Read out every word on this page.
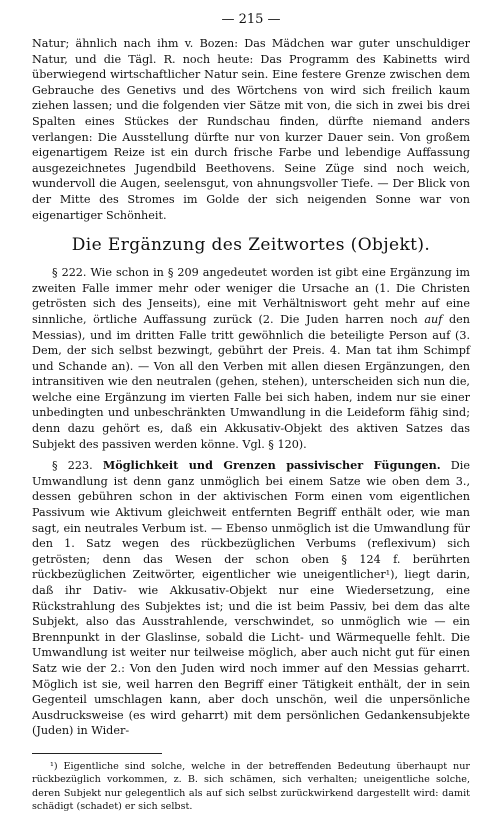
— 215 —

Natur; ähnlich nach ihm v. Bozen: Das Mädchen war guter unschuldiger Natur, und die Tägl. R. noch heute: Das Programm des Kabinetts wird überwiegend wirtschaftlicher Natur sein. Eine festere Grenze zwischen dem Gebrauche des Genetivs und des Wörtchens von wird sich freilich kaum ziehen lassen; und die folgenden vier Sätze mit von, die sich in zwei bis drei Spalten eines Stückes der Rundschau finden, dürfte niemand anders verlangen: Die Ausstellung dürfte nur von kurzer Dauer sein. Von großem eigenartigem Reize ist ein durch frische Farbe und lebendige Auffassung ausgezeichnetes Jugendbild Beethovens. Seine Züge sind noch weich, wundervoll die Augen, seelensgut, von ahnungsvoller Tiefe. — Der Blick von der Mitte des Stromes im Golde der sich neigenden Sonne war von eigenartiger Schönheit.

Die Ergänzung des Zeitwortes (Objekt).

§ 222. Wie schon in § 209 angedeutet worden ist gibt eine Ergänzung im zweiten Falle immer mehr oder weniger die Ursache an (1. Die Christen getrösten sich des Jenseits), eine mit Verhältniswort geht mehr auf eine sinnliche, örtliche Auffassung zurück (2. Die Juden harren noch auf den Messias), und im dritten Falle tritt gewöhnlich die beteiligte Person auf (3. Dem, der sich selbst bezwingt, gebührt der Preis. 4. Man tat ihm Schimpf und Schande an). — Von all den Verben mit allen diesen Ergänzungen, den intransitiven wie den neutralen (gehen, stehen), unterscheiden sich nun die, welche eine Ergänzung im vierten Falle bei sich haben, indem nur sie einer unbedingten und unbeschränkten Umwandlung in die Leideform fähig sind; denn dazu gehört es, daß ein Akkusativ-Objekt des aktiven Satzes das Subjekt des passiven werden könne. Vgl. § 120).

§ 223. Möglichkeit und Grenzen passivischer Fügungen. Die Umwandlung ist denn ganz unmöglich bei einem Satze wie oben dem 3., dessen gebühren schon in der aktivischen Form einen vom eigentlichen Passivum wie Aktivum gleichweit entfernten Begriff enthält oder, wie man sagt, ein neutrales Verbum ist. — Ebenso unmöglich ist die Umwandlung für den 1. Satz wegen des rückbezüglichen Verbums (reflexivum) sich getrösten; denn das Wesen der schon oben § 124 f. berührten rückbezüglichen Zeitwörter, eigentlicher wie uneigentlicher¹), liegt darin, daß ihr Dativ- wie Akkusativ-Objekt nur eine Wiedersetzung, eine Rückstrahlung des Subjektes ist; und die ist beim Passiv, bei dem das alte Subjekt, also das Ausstrahlende, verschwindet, so unmöglich wie — ein Brennpunkt in der Glaslinse, sobald die Licht- und Wärmequelle fehlt. Die Umwandlung ist weiter nur teilweise möglich, aber auch nicht gut für einen Satz wie der 2.: Von den Juden wird noch immer auf den Messias geharrt. Möglich ist sie, weil harren den Begriff einer Tätigkeit enthält, der in sein Gegenteil umschlagen kann, aber doch unschön, weil die unpersönliche Ausdrucksweise (es wird geharrt) mit dem persönlichen Gedankensubjekte (Juden) in Wider-

¹) Eigentliche sind solche, welche in der betreffenden Bedeutung überhaupt nur rückbezüglich vorkommen, z. B. sich schämen, sich verhalten; uneigentliche solche, deren Subjekt nur gelegentlich als auf sich selbst zurückwirkend dargestellt wird: damit schädigt (schadet) er sich selbst.
